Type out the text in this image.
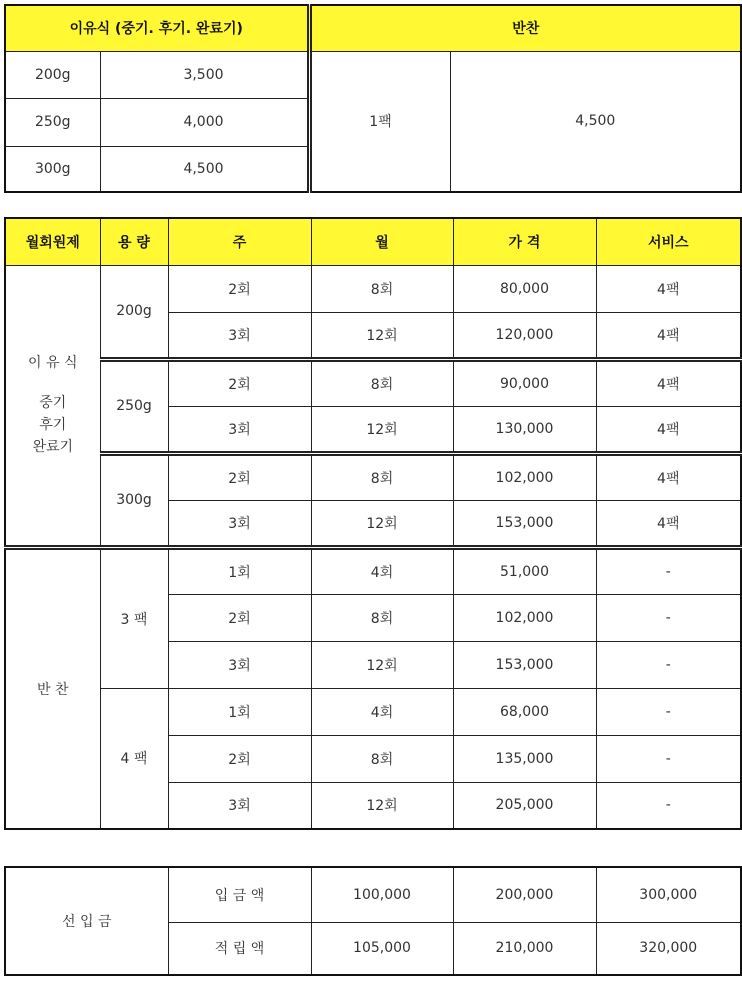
이유식 (중기. 후기. 완료기)		반찬	
200g	3,500	1팩	4,500
250g	4,000		
300g	4,500		
월회원제	용 량	주	월	가 격	서비스

이 유 식
중기
후기
완료기	200g	2회	8회	80,000	4팩
		3회	12회	120,000	4팩
	250g	2회	8회	90,000	4팩
		3회	12회	130,000	4팩
	300g	2회	8회	102,000	4팩
		3회	12회	153,000	4팩
반 찬	3 팩	1회	4회	51,000	-
		2회	8회	102,000	-
		3회	12회	153,000	-
	4 팩	1회	4회	68,000	-
		2회	8회	135,000	-
		3회	12회	205,000	-
선 입 금	입 금 액	100,000	200,000	300,000
	적 립 액	105,000	210,000	320,000
